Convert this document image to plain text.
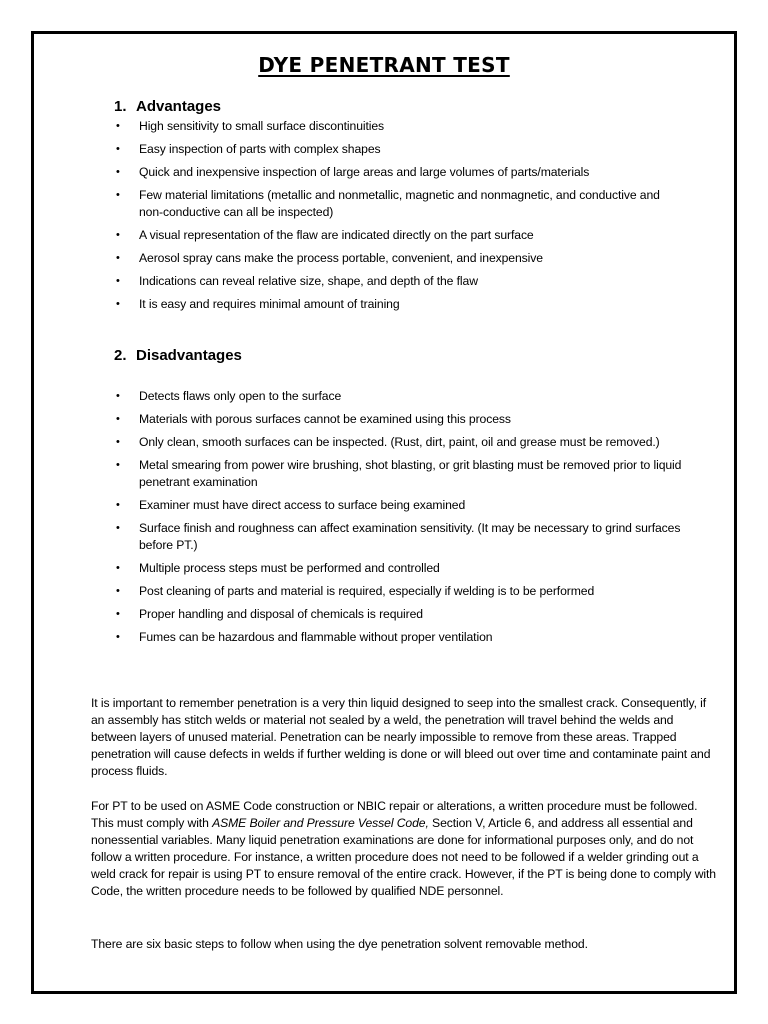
DYE PENETRANT TEST
1. Advantages
• High sensitivity to small surface discontinuities
• Easy inspection of parts with complex shapes
• Quick and inexpensive inspection of large areas and large volumes of parts/materials
• Few material limitations (metallic and nonmetallic, magnetic and nonmagnetic, and conductive and non-conductive can all be inspected)
• A visual representation of the flaw are indicated directly on the part surface
• Aerosol spray cans make the process portable, convenient, and inexpensive
• Indications can reveal relative size, shape, and depth of the flaw
• It is easy and requires minimal amount of training
2. Disadvantages
• Detects flaws only open to the surface
• Materials with porous surfaces cannot be examined using this process
• Only clean, smooth surfaces can be inspected. (Rust, dirt, paint, oil and grease must be removed.)
• Metal smearing from power wire brushing, shot blasting, or grit blasting must be removed prior to liquid penetrant examination
• Examiner must have direct access to surface being examined
• Surface finish and roughness can affect examination sensitivity. (It may be necessary to grind surfaces before PT.)
• Multiple process steps must be performed and controlled
• Post cleaning of parts and material is required, especially if welding is to be performed
• Proper handling and disposal of chemicals is required
• Fumes can be hazardous and flammable without proper ventilation

It is important to remember penetration is a very thin liquid designed to seep into the smallest crack. Consequently, if an assembly has stitch welds or material not sealed by a weld, the penetration will travel behind the welds and between layers of unused material. Penetration can be nearly impossible to remove from these areas. Trapped penetration will cause defects in welds if further welding is done or will bleed out over time and contaminate paint and process fluids.

For PT to be used on ASME Code construction or NBIC repair or alterations, a written procedure must be followed. This must comply with ASME Boiler and Pressure Vessel Code, Section V, Article 6, and address all essential and nonessential variables. Many liquid penetration examinations are done for informational purposes only, and do not follow a written procedure. For instance, a written procedure does not need to be followed if a welder grinding out a weld crack for repair is using PT to ensure removal of the entire crack. However, if the PT is being done to comply with Code, the written procedure needs to be followed by qualified NDE personnel.

There are six basic steps to follow when using the dye penetration solvent removable method.
